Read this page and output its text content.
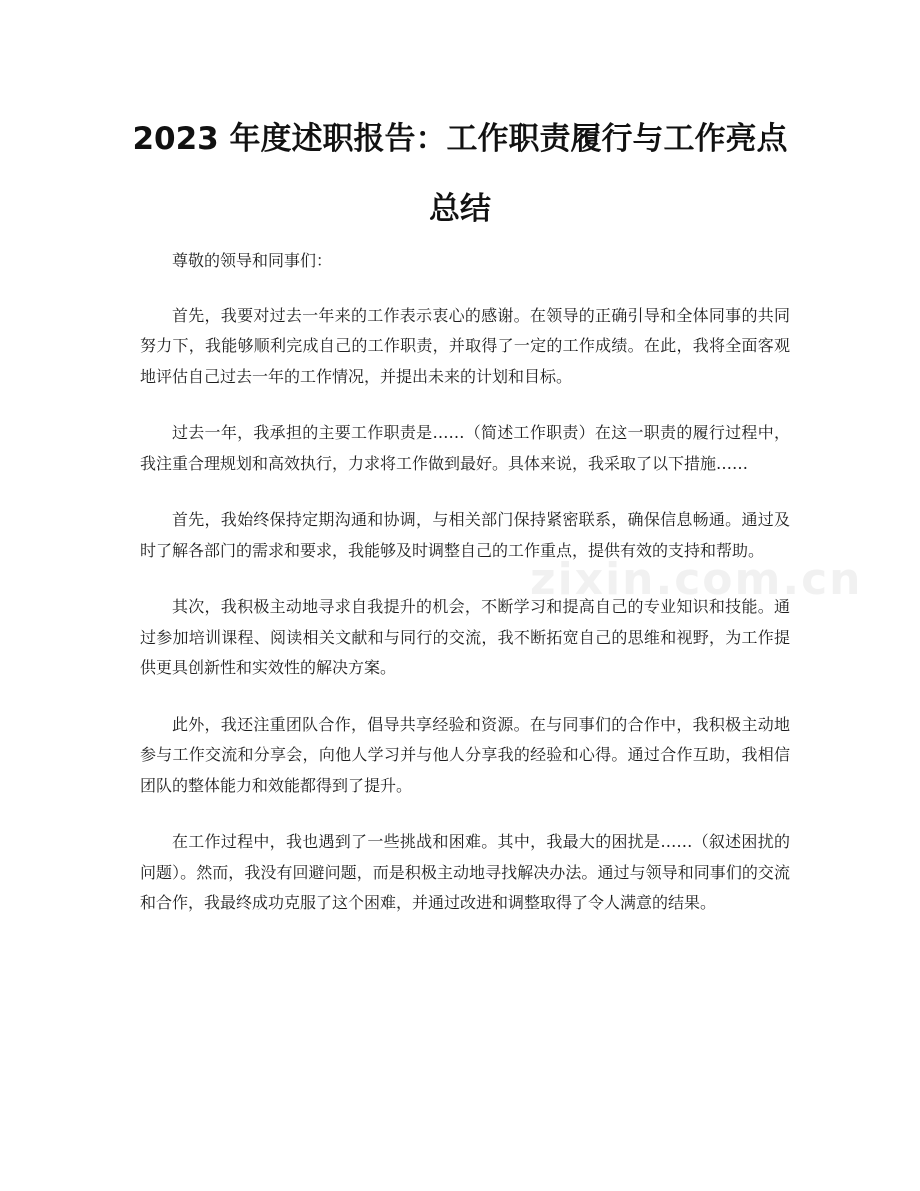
2023 年度述职报告：工作职责履行与工作亮点总结

尊敬的领导和同事们：

首先，我要对过去一年来的工作表示衷心的感谢。在领导的正确引导和全体同事的共同努力下，我能够顺利完成自己的工作职责，并取得了一定的工作成绩。在此，我将全面客观地评估自己过去一年的工作情况，并提出未来的计划和目标。

过去一年，我承担的主要工作职责是……（简述工作职责）在这一职责的履行过程中，我注重合理规划和高效执行，力求将工作做到最好。具体来说，我采取了以下措施……

首先，我始终保持定期沟通和协调，与相关部门保持紧密联系，确保信息畅通。通过及时了解各部门的需求和要求，我能够及时调整自己的工作重点，提供有效的支持和帮助。

其次，我积极主动地寻求自我提升的机会，不断学习和提高自己的专业知识和技能。通过参加培训课程、阅读相关文献和与同行的交流，我不断拓宽自己的思维和视野，为工作提供更具创新性和实效性的解决方案。

此外，我还注重团队合作，倡导共享经验和资源。在与同事们的合作中，我积极主动地参与工作交流和分享会，向他人学习并与他人分享我的经验和心得。通过合作互助，我相信团队的整体能力和效能都得到了提升。

在工作过程中，我也遇到了一些挑战和困难。其中，我最大的困扰是……（叙述困扰的问题）。然而，我没有回避问题，而是积极主动地寻找解决办法。通过与领导和同事们的交流和合作，我最终成功克服了这个困难，并通过改进和调整取得了令人满意的结果。

zixin.com.cn
